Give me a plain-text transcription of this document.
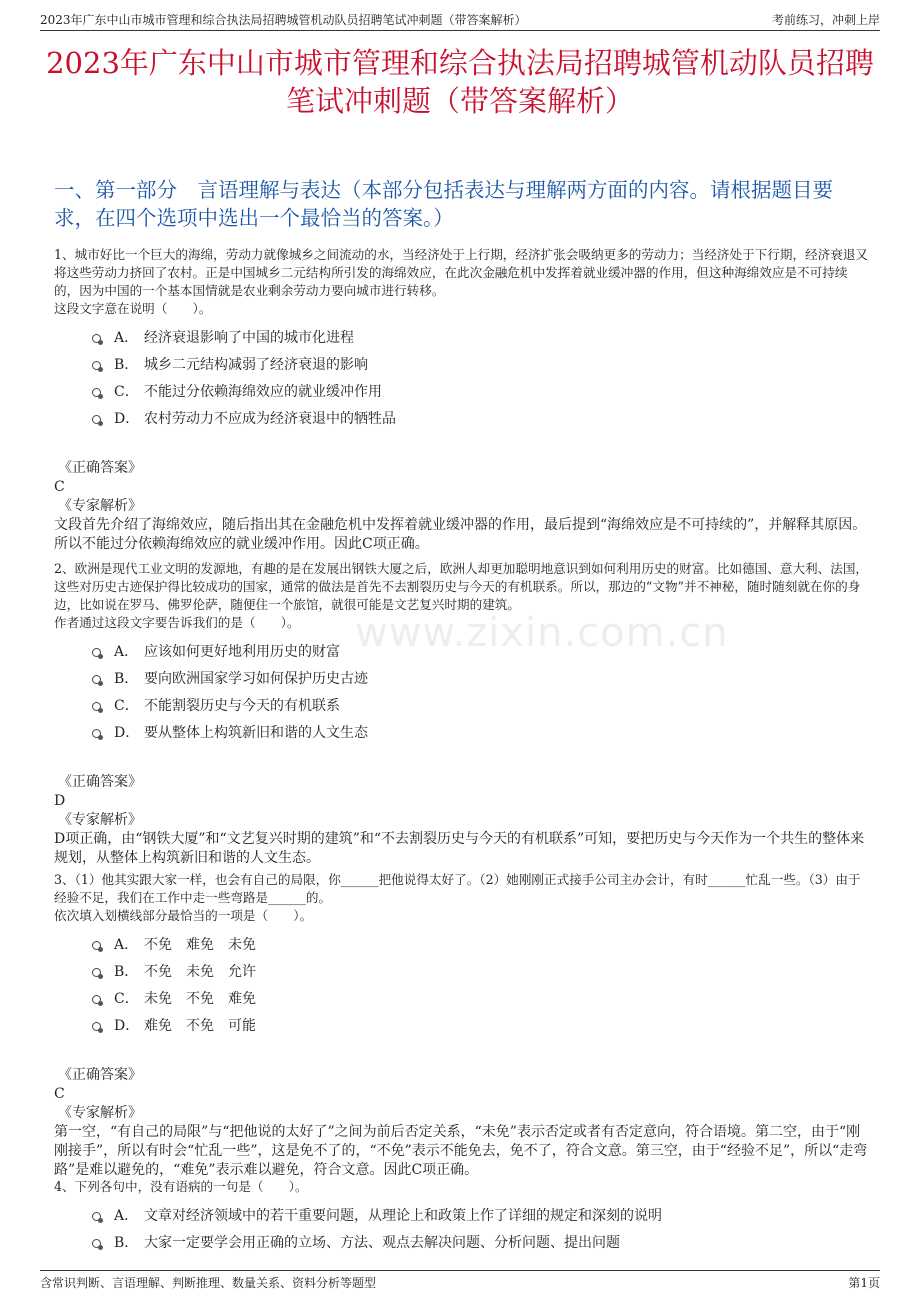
2023年广东中山市城市管理和综合执法局招聘城管机动队员招聘笔试冲刺题（带答案解析）	考前练习，冲刺上岸
2023年广东中山市城市管理和综合执法局招聘城管机动队员招聘笔试冲刺题（带答案解析）
一、第一部分　言语理解与表达（本部分包括表达与理解两方面的内容。请根据题目要求，在四个选项中选出一个最恰当的答案。）

1、城市好比一个巨大的海绵，劳动力就像城乡之间流动的水，当经济处于上行期，经济扩张会吸纳更多的劳动力；当经济处于下行期，经济衰退又将这些劳动力挤回了农村。正是中国城乡二元结构所引发的海绵效应，在此次金融危机中发挥着就业缓冲器的作用，但这种海绵效应是不可持续的，因为中国的一个基本国情就是农业剩余劳动力要向城市进行转移。

这段文字意在说明（　　）。

A． 经济衰退影响了中国的城市化进程
B． 城乡二元结构减弱了经济衰退的影响
C． 不能过分依赖海绵效应的就业缓冲作用
D． 农村劳动力不应成为经济衰退中的牺牲品
《正确答案》
C
《专家解析》
文段首先介绍了海绵效应，随后指出其在金融危机中发挥着就业缓冲器的作用，最后提到“海绵效应是不可持续的”，并解释其原因。所以不能过分依赖海绵效应的就业缓冲作用。因此C项正确。

2、欧洲是现代工业文明的发源地，有趣的是在发展出钢铁大厦之后，欧洲人却更加聪明地意识到如何利用历史的财富。比如德国、意大利、法国，这些对历史古迹保护得比较成功的国家，通常的做法是首先不去割裂历史与今天的有机联系。所以，那边的“文物”并不神秘，随时随刻就在你的身边，比如说在罗马、佛罗伦萨，随便住一个旅馆，就很可能是文艺复兴时期的建筑。

作者通过这段文字要告诉我们的是（　　）。

A． 应该如何更好地利用历史的财富
B． 要向欧洲国家学习如何保护历史古迹
C． 不能割裂历史与今天的有机联系
D． 要从整体上构筑新旧和谐的人文生态
《正确答案》
D
《专家解析》
D项正确，由“钢铁大厦”和“文艺复兴时期的建筑”和“不去割裂历史与今天的有机联系”可知，要把历史与今天作为一个共生的整体来规划，从整体上构筑新旧和谐的人文生态。

3、（1）他其实跟大家一样，也会有自己的局限，你______把他说得太好了。（2）她刚刚正式接手公司主办会计，有时______忙乱一些。（3）由于经验不足，我们在工作中走一些弯路是______的。

依次填入划横线部分最恰当的一项是（　　）。

A． 不免　难免　未免
B． 不免　未免　允许
C． 未免　不免　难免
D． 难免　不免　可能
《正确答案》
C
《专家解析》
第一空，“有自己的局限”与“把他说的太好了”之间为前后否定关系，“未免”表示否定或者有否定意向，符合语境。第二空，由于“刚刚接手”，所以有时会“忙乱一些”，这是免不了的，“不免”表示不能免去，免不了，符合文意。第三空，由于“经验不足”，所以“走弯路”是难以避免的，“难免”表示难以避免，符合文意。因此C项正确。

4、下列各句中，没有语病的一句是（　　）。

A． 文章对经济领域中的若干重要问题，从理论上和政策上作了详细的规定和深刻的说明
B． 大家一定要学会用正确的立场、方法、观点去解决问题、分析问题、提出问题
www.zixin.com.cn
含常识判断、言语理解、判断推理、数量关系、资料分析等题型	第1页
